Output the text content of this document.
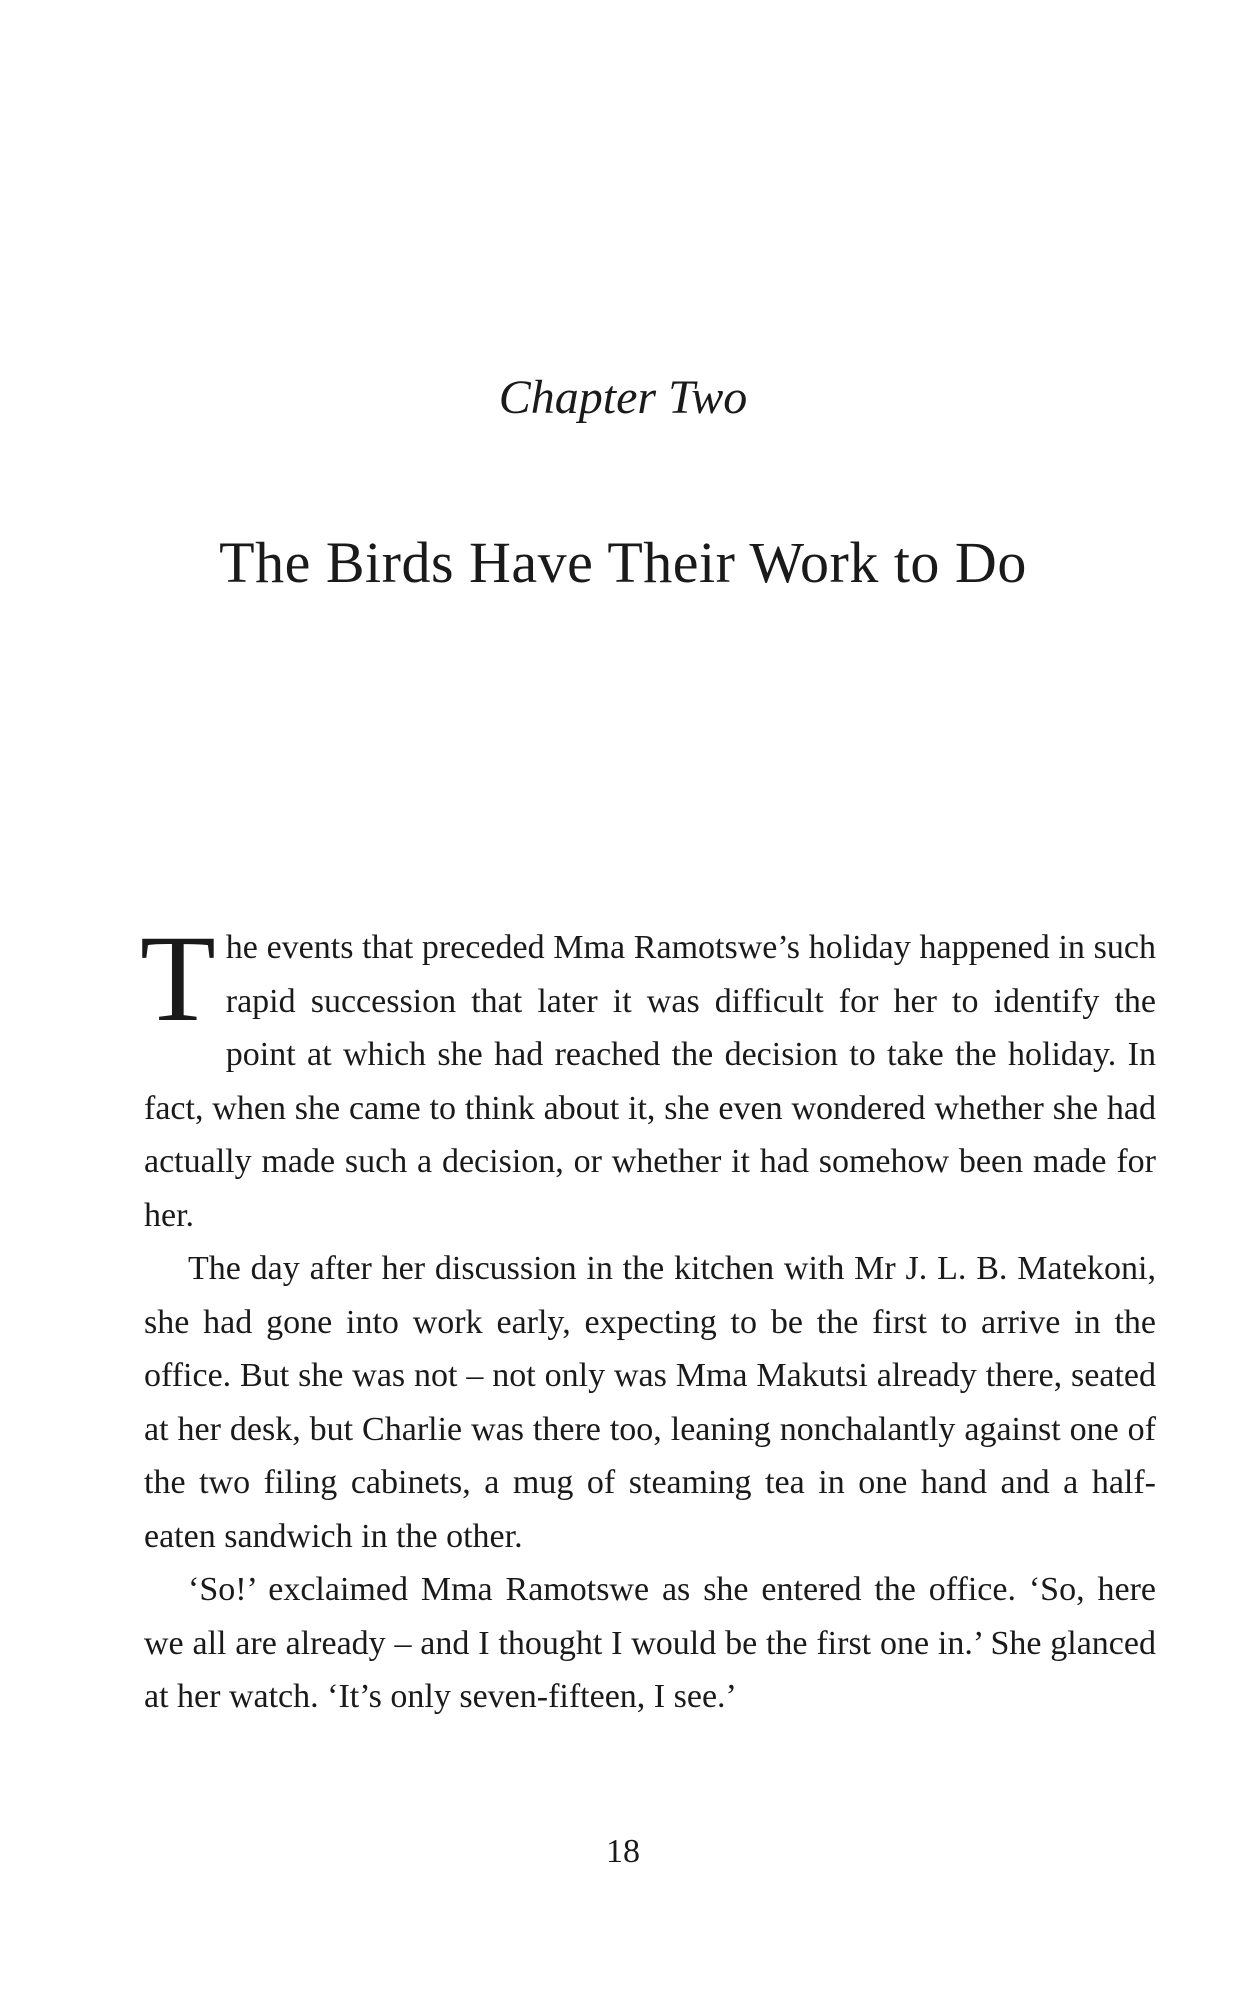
Chapter Two
The Birds Have Their Work to Do

The events that preceded Mma Ramotswe’s holiday happened in such rapid succession that later it was difficult for her to identify the point at which she had reached the decision to take the holiday. In fact, when she came to think about it, she even wondered whether she had actually made such a decision, or whether it had somehow been made for her.

The day after her discussion in the kitchen with Mr J. L. B. Matekoni, she had gone into work early, expecting to be the first to arrive in the office. But she was not – not only was Mma Makutsi already there, seated at her desk, but Charlie was there too, leaning nonchalantly against one of the two filing cabinets, a mug of steaming tea in one hand and a half-eaten sandwich in the other.

‘So!’ exclaimed Mma Ramotswe as she entered the office. ‘So, here we all are already – and I thought I would be the first one in.’ She glanced at her watch. ‘It’s only seven-fifteen, I see.’

18
